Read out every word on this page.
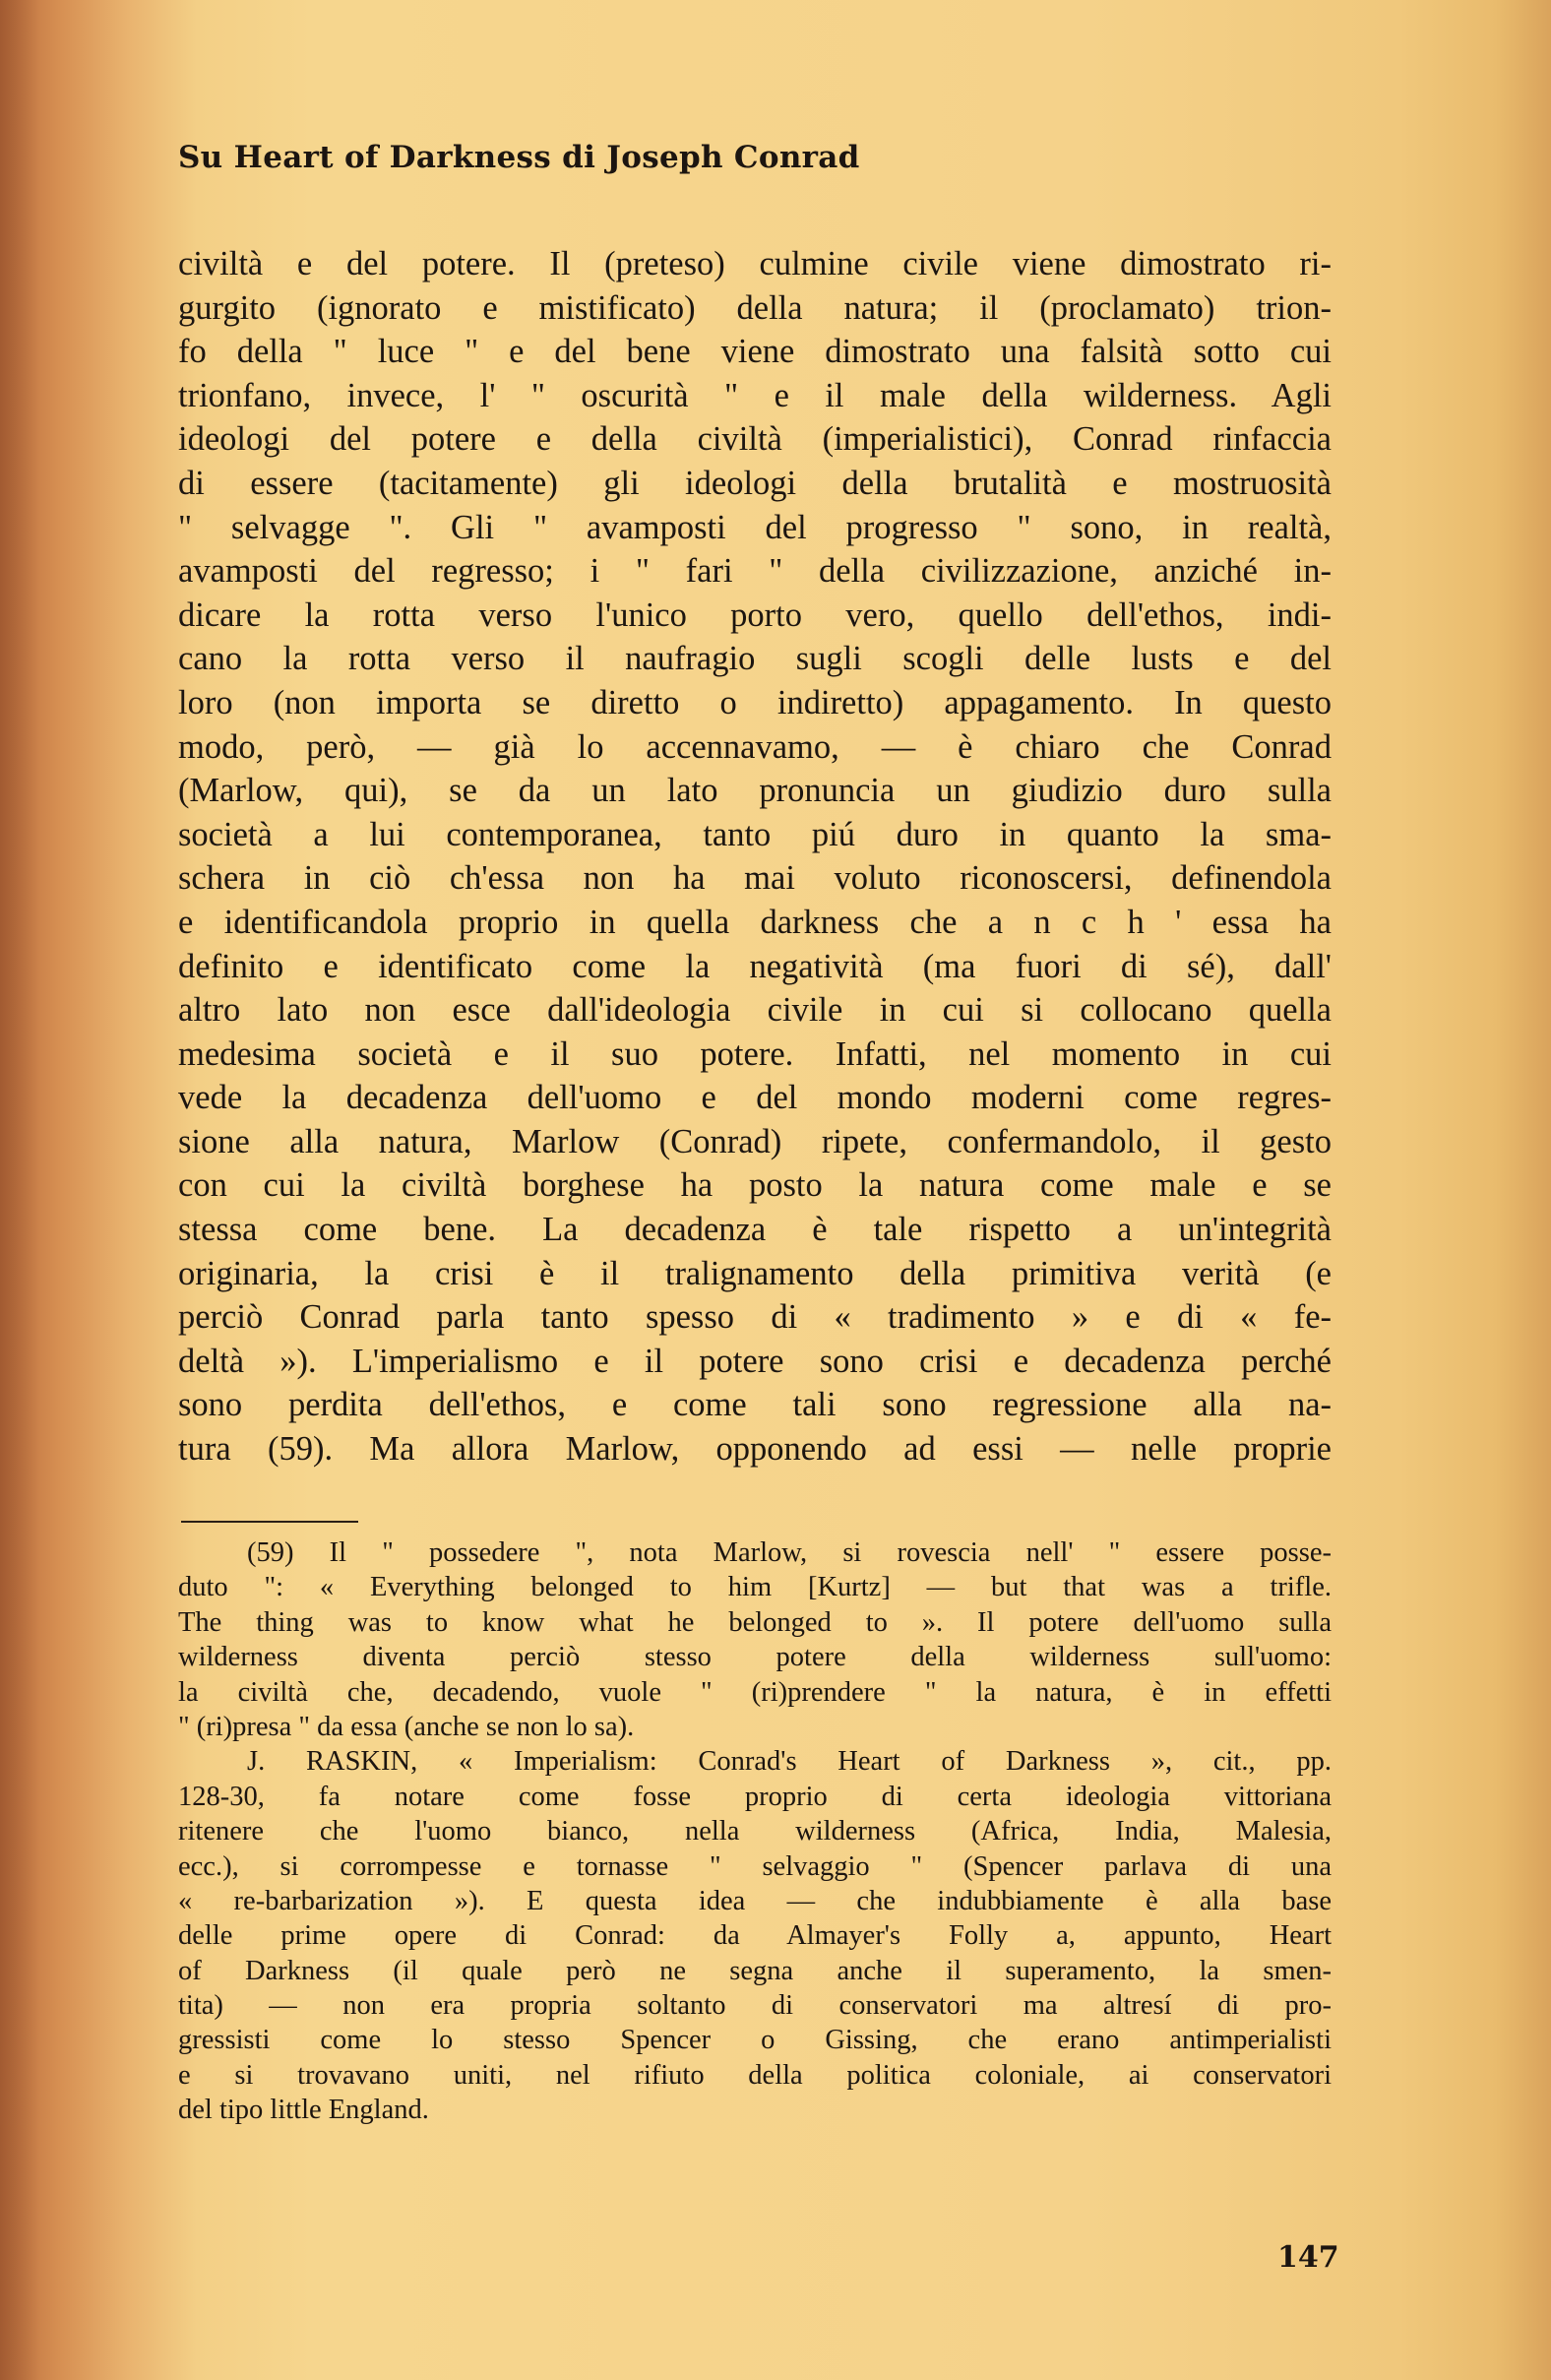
Su Heart of Darkness di Joseph Conrad
civiltà e del potere. Il (preteso) culmine civile viene dimostrato ri-
gurgito (ignorato e mistificato) della natura; il (proclamato) trion-
fo della " luce " e del bene viene dimostrato una falsità sotto cui
trionfano, invece, l' " oscurità " e il male della wilderness. Agli
ideologi del potere e della civiltà (imperialistici), Conrad rinfaccia
di essere (tacitamente) gli ideologi della brutalità e mostruosità
" selvagge ". Gli " avamposti del progresso " sono, in realtà,
avamposti del regresso; i " fari " della civilizzazione, anziché in-
dicare la rotta verso l'unico porto vero, quello dell'ethos, indi-
cano la rotta verso il naufragio sugli scogli delle lusts e del
loro (non importa se diretto o indiretto) appagamento. In questo
modo, però, — già lo accennavamo, — è chiaro che Conrad
(Marlow, qui), se da un lato pronuncia un giudizio duro sulla
società a lui contemporanea, tanto piú duro in quanto la sma-
schera in ciò ch'essa non ha mai voluto riconoscersi, definendola
e identificandola proprio in quella darkness che a n c h ' essa ha
definito e identificato come la negatività (ma fuori di sé), dall'
altro lato non esce dall'ideologia civile in cui si collocano quella
medesima società e il suo potere. Infatti, nel momento in cui
vede la decadenza dell'uomo e del mondo moderni come regres-
sione alla natura, Marlow (Conrad) ripete, confermandolo, il gesto
con cui la civiltà borghese ha posto la natura come male e se
stessa come bene. La decadenza è tale rispetto a un'integrità
originaria, la crisi è il tralignamento della primitiva verità (e
perciò Conrad parla tanto spesso di « tradimento » e di « fe-
deltà »). L'imperialismo e il potere sono crisi e decadenza perché
sono perdita dell'ethos, e come tali sono regressione alla na-
tura (59). Ma allora Marlow, opponendo ad essi — nelle proprie
(59) Il " possedere ", nota Marlow, si rovescia nell' " essere posse-
duto ": « Everything belonged to him [Kurtz] — but that was a trifle.
The thing was to know what he belonged to ». Il potere dell'uomo sulla
wilderness diventa perciò stesso potere della wilderness sull'uomo:
la civiltà che, decadendo, vuole " (ri)prendere " la natura, è in effetti
" (ri)presa " da essa (anche se non lo sa).
J. RASKIN, « Imperialism: Conrad's Heart of Darkness », cit., pp.
128-30, fa notare come fosse proprio di certa ideologia vittoriana
ritenere che l'uomo bianco, nella wilderness (Africa, India, Malesia,
ecc.), si corrompesse e tornasse " selvaggio " (Spencer parlava di una
« re-barbarization »). E questa idea — che indubbiamente è alla base
delle prime opere di Conrad: da Almayer's Folly a, appunto, Heart
of Darkness (il quale però ne segna anche il superamento, la smen-
tita) — non era propria soltanto di conservatori ma altresí di pro-
gressisti come lo stesso Spencer o Gissing, che erano antimperialisti
e si trovavano uniti, nel rifiuto della politica coloniale, ai conservatori
del tipo little England.
147
